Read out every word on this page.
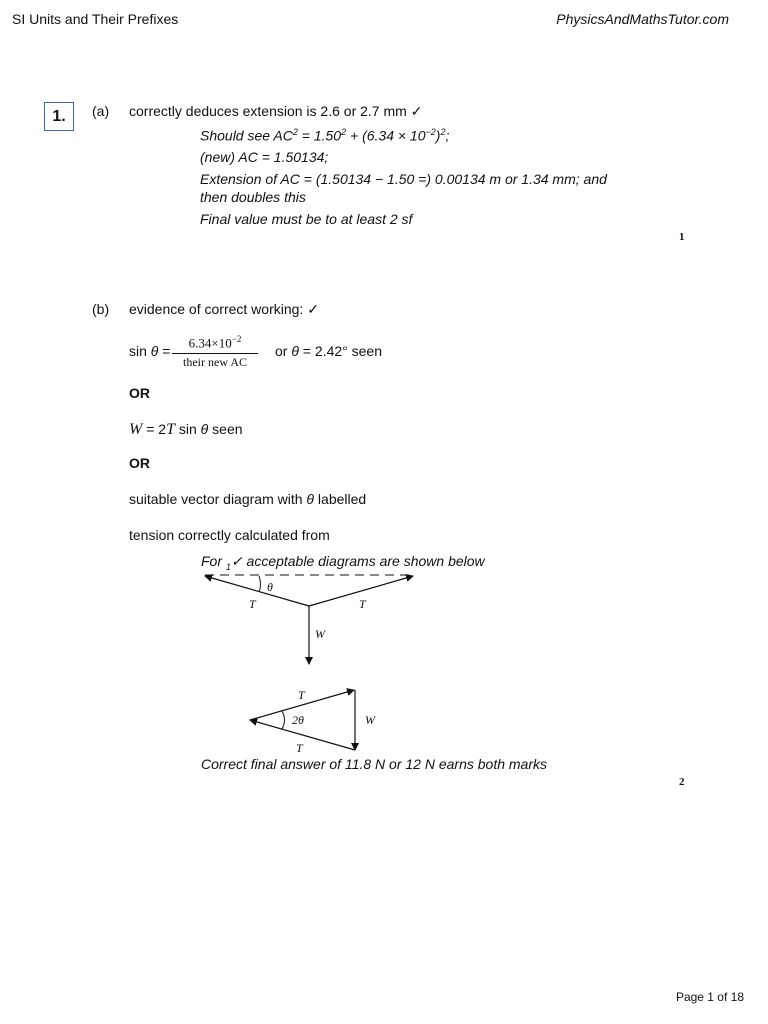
SI Units and Their Prefixes	PhysicsAndMathsTutor.com
1.	(a) correctly deduces extension is 2.6 or 2.7 mm ✓
Should see $AC^2 = 1.50^2 + (6.34 \times 10^{-2})^2$;
(new) AC = 1.50134;
Extension of AC = (1.50134 − 1.50 =) 0.00134 m or 1.34 mm; and
then doubles this
Final value must be to at least 2 sf
1
(b) evidence of correct working: ✓
sin θ =
$6.34\times 10^{-2}$
their new AC
or θ = 2.42° seen
OR
W = 2T sin θ seen
OR
suitable vector diagram with θ labelled
tension correctly calculated from
For $_1$✓ acceptable diagrams are shown below
θ
T	T
W
2θ
T
T
W
Correct final answer of 11.8 N or 12 N earns both marks
2
Page 1 of 18
